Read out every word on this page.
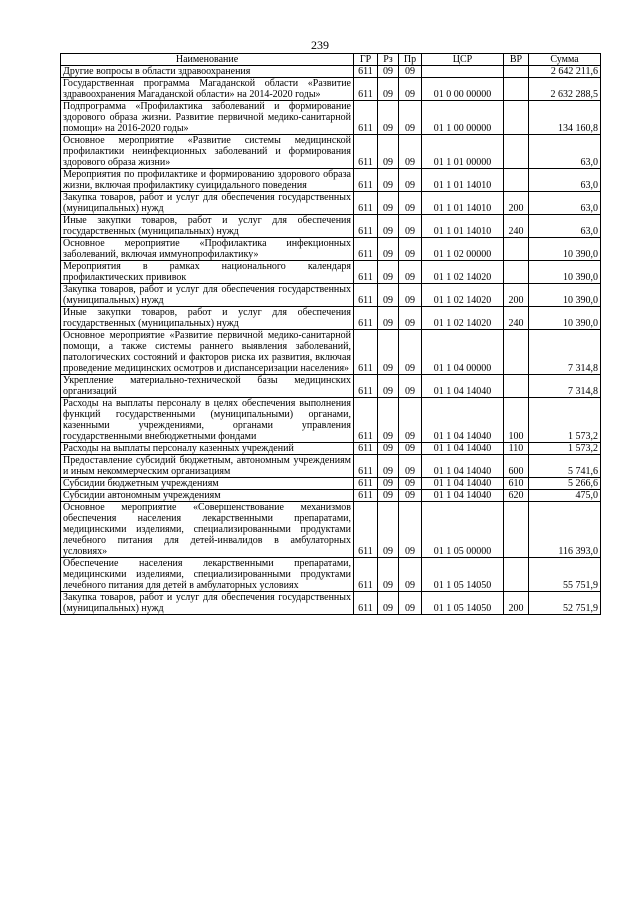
239
Наименование	ГР	Рз	Пр	ЦСР	ВР	Сумма
Другие вопросы в области здравоохранения	611	09	09			2 642 211,6
Государственная программа Магаданской области «Развитие здравоохранения Магаданской области» на 2014-2020 годы»	611	09	09	01 0 00 00000		2 632 288,5
Подпрограмма «Профилактика заболеваний и формирование здорового образа жизни. Развитие первичной медико-санитарной помощи» на 2016-2020 годы»	611	09	09	01 1 00 00000		134 160,8
Основное мероприятие «Развитие системы медицинской профилактики неинфекционных заболеваний и формирования здорового образа жизни»	611	09	09	01 1 01 00000		63,0
Мероприятия по профилактике и формированию здорового образа жизни, включая профилактику суицидального поведения	611	09	09	01 1 01 14010		63,0
Закупка товаров, работ и услуг для обеспечения государственных (муниципальных) нужд	611	09	09	01 1 01 14010	200	63,0
Иные закупки товаров, работ и услуг для обеспечения государственных (муниципальных) нужд	611	09	09	01 1 01 14010	240	63,0
Основное мероприятие «Профилактика инфекционных заболеваний, включая иммунопрофилактику»	611	09	09	01 1 02 00000		10 390,0
Мероприятия в рамках национального календаря профилактических прививок	611	09	09	01 1 02 14020		10 390,0
Закупка товаров, работ и услуг для обеспечения государственных (муниципальных) нужд	611	09	09	01 1 02 14020	200	10 390,0
Иные закупки товаров, работ и услуг для обеспечения государственных (муниципальных) нужд	611	09	09	01 1 02 14020	240	10 390,0
Основное мероприятие «Развитие первичной медико-санитарной помощи, а также системы раннего выявления заболеваний, патологических состояний и факторов риска их развития, включая проведение медицинских осмотров и диспансеризации населения»	611	09	09	01 1 04 00000		7 314,8
Укрепление материально-технической базы медицинских организаций	611	09	09	01 1 04 14040		7 314,8
Расходы на выплаты персоналу в целях обеспечения выполнения функций государственными (муниципальными) органами, казенными учреждениями, органами управления государственными внебюджетными фондами	611	09	09	01 1 04 14040	100	1 573,2
Расходы на выплаты персоналу казенных учреждений	611	09	09	01 1 04 14040	110	1 573,2
Предоставление субсидий бюджетным, автономным учреждениям и иным некоммерческим организациям	611	09	09	01 1 04 14040	600	5 741,6
Субсидии бюджетным учреждениям	611	09	09	01 1 04 14040	610	5 266,6
Субсидии автономным учреждениям	611	09	09	01 1 04 14040	620	475,0
Основное мероприятие «Совершенствование механизмов обеспечения населения лекарственными препаратами, медицинскими изделиями, специализированными продуктами лечебного питания для детей-инвалидов в амбулаторных условиях»	611	09	09	01 1 05 00000		116 393,0
Обеспечение населения лекарственными препаратами, медицинскими изделиями, специализированными продуктами лечебного питания для детей в амбулаторных условиях	611	09	09	01 1 05 14050		55 751,9
Закупка товаров, работ и услуг для обеспечения государственных (муниципальных) нужд	611	09	09	01 1 05 14050	200	52 751,9
